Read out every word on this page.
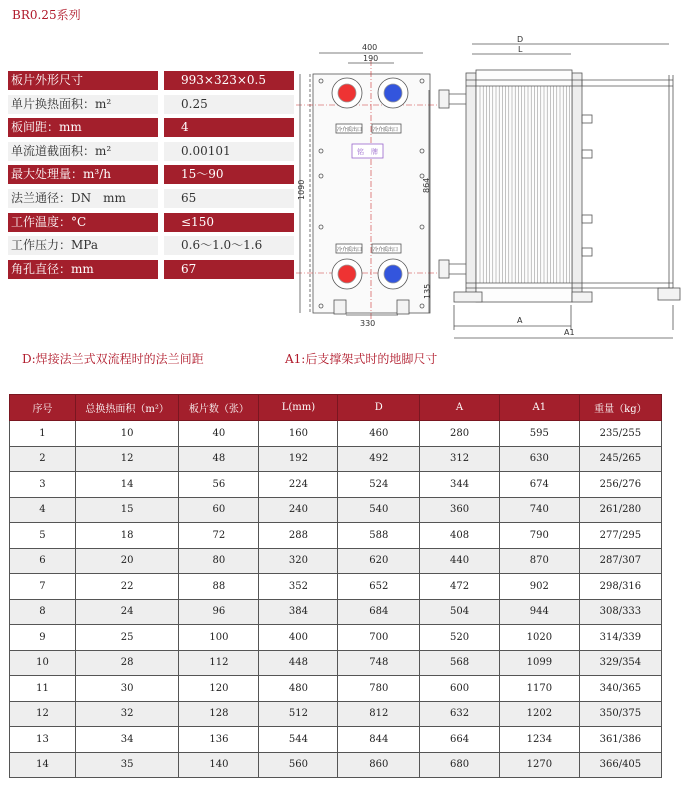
BR0.25系列
板片外形尺寸	993×323×0.5
单片换热面积：m²	0.25
板间距：mm	4
单流道截面积：m²	0.00101
最大处理量：m³/h	15～90
法兰通径：DN　mm	65
工作温度：°C	≤150
工作压力：MPa	0.6～1.0～1.6
角孔直径：mm	67
400
190
1090	864
135
330
冷介质出口 冷介质出口
冷介质出口 冷介质出口
铭　牌
D
L
A
A1
D:焊接法兰式双流程时的法兰间距	A1:后支撑架式时的地脚尺寸
序号	总换热面积（m²）	板片数（张）	L(mm)	D	A	A1	重量（kg）
1	10	40	160	460	280	595	235/255
2	12	48	192	492	312	630	245/265
3	14	56	224	524	344	674	256/276
4	15	60	240	540	360	740	261/280
5	18	72	288	588	408	790	277/295
6	20	80	320	620	440	870	287/307
7	22	88	352	652	472	902	298/316
8	24	96	384	684	504	944	308/333
9	25	100	400	700	520	1020	314/339
10	28	112	448	748	568	1099	329/354
11	30	120	480	780	600	1170	340/365
12	32	128	512	812	632	1202	350/375
13	34	136	544	844	664	1234	361/386
14	35	140	560	860	680	1270	366/405
